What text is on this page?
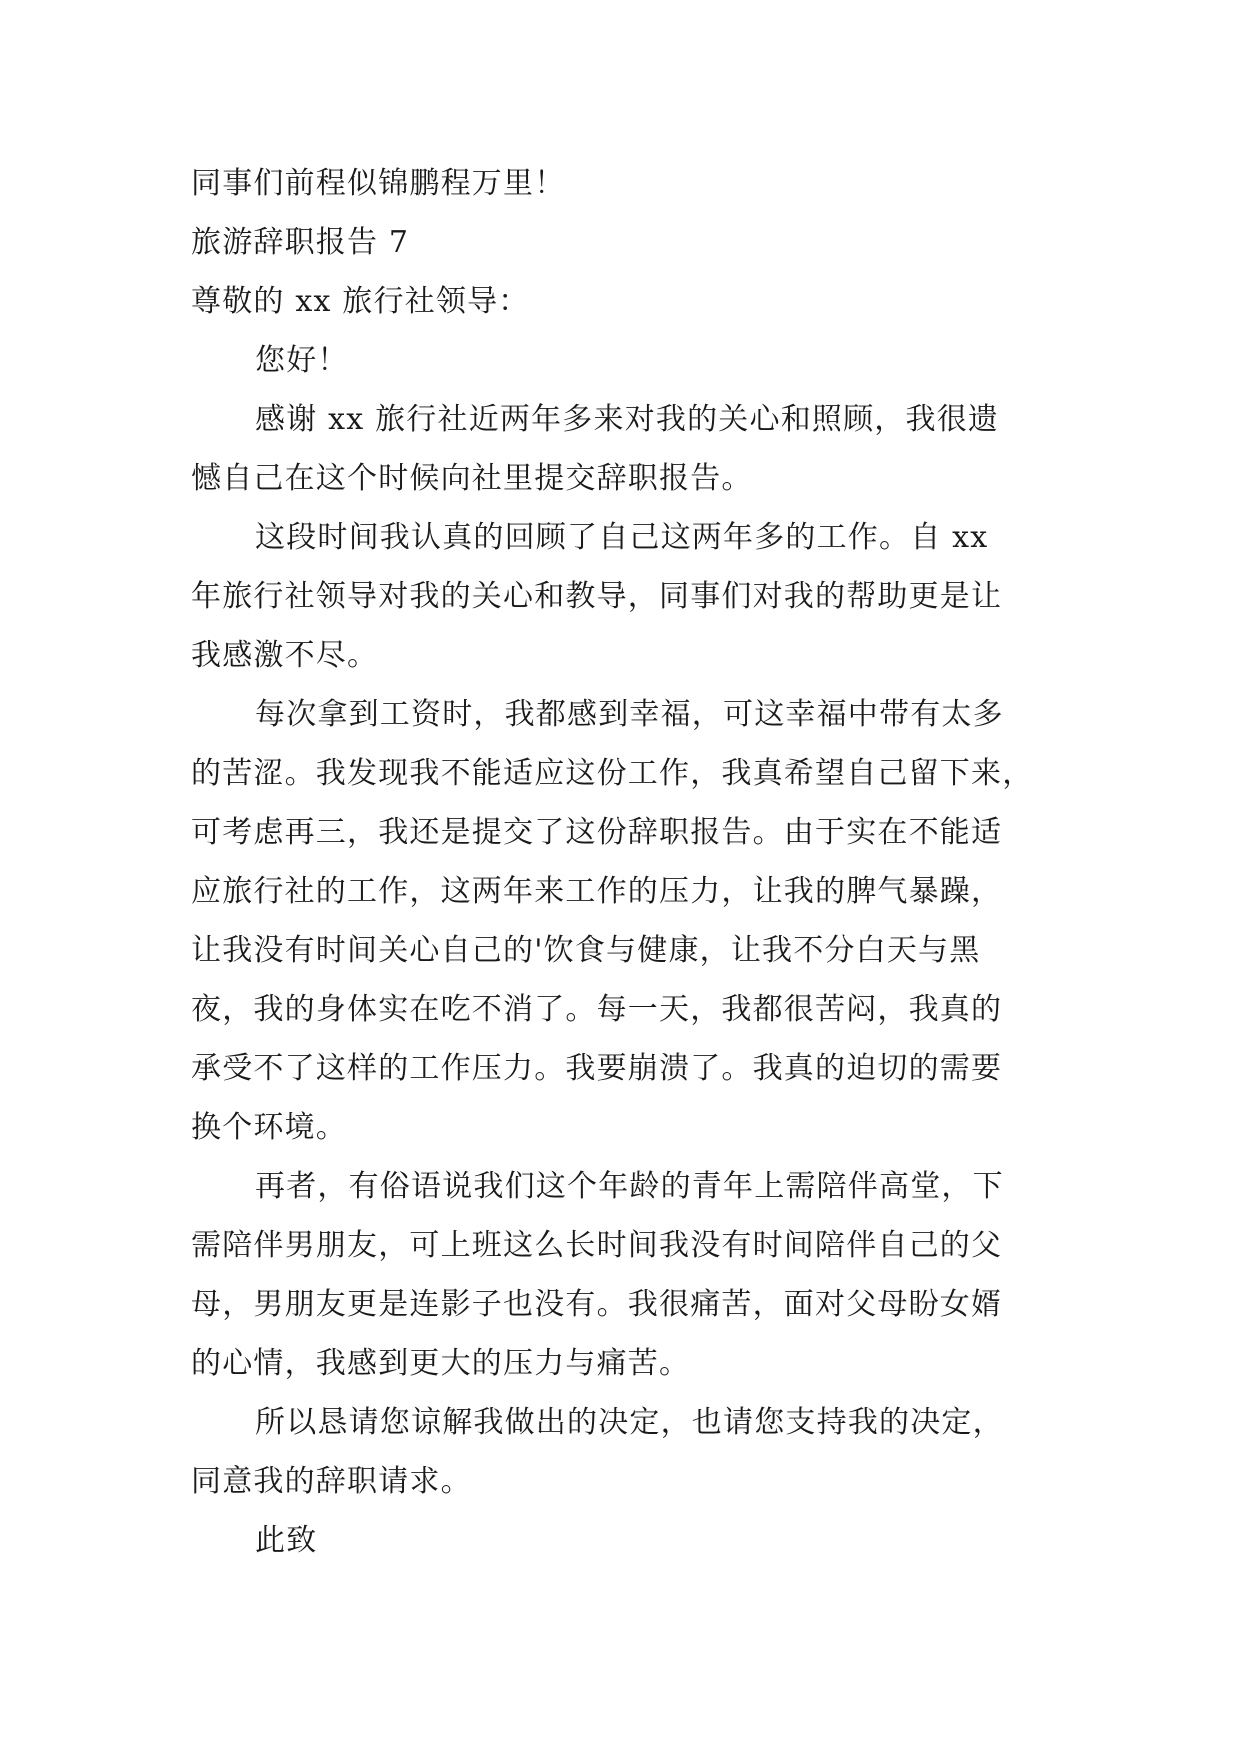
同事们前程似锦鹏程万里！

旅游辞职报告 7

尊敬的 xx 旅行社领导：

您好！

感谢 xx 旅行社近两年多来对我的关心和照顾，我很遗

憾自己在这个时候向社里提交辞职报告。

这段时间我认真的回顾了自己这两年多的工作。自 xx

年旅行社领导对我的关心和教导，同事们对我的帮助更是让

我感激不尽。

每次拿到工资时，我都感到幸福，可这幸福中带有太多

的苦涩。我发现我不能适应这份工作，我真希望自己留下来，

可考虑再三，我还是提交了这份辞职报告。由于实在不能适

应旅行社的工作，这两年来工作的压力，让我的脾气暴躁，

让我没有时间关心自己的'饮食与健康，让我不分白天与黑

夜，我的身体实在吃不消了。每一天，我都很苦闷，我真的

承受不了这样的工作压力。我要崩溃了。我真的迫切的需要

换个环境。

再者，有俗语说我们这个年龄的青年上需陪伴高堂，下

需陪伴男朋友，可上班这么长时间我没有时间陪伴自己的父

母，男朋友更是连影子也没有。我很痛苦，面对父母盼女婿

的心情，我感到更大的压力与痛苦。

所以恳请您谅解我做出的决定，也请您支持我的决定，

同意我的辞职请求。

此致
